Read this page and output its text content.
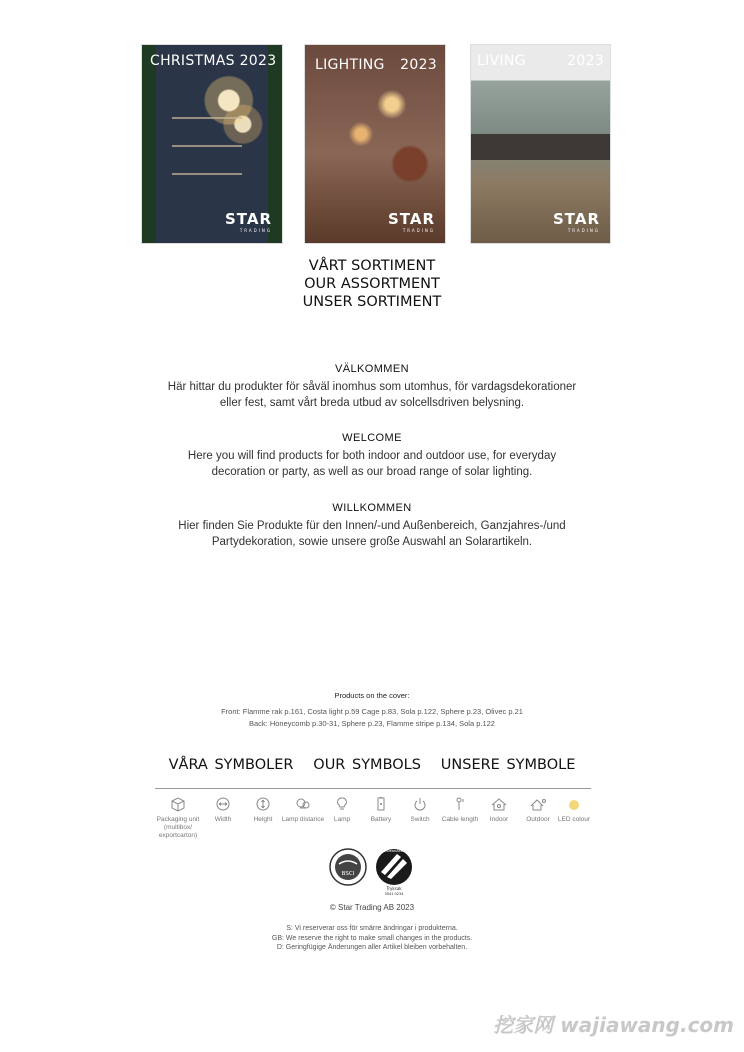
CHRISTMAS 2023
STAR
TRADING
LIGHTING 2023
STAR
TRADING
LIVING	2023
STAR
TRADING
VÅRT SORTIMENT
OUR ASSORTMENT
UNSER SORTIMENT
VÄLKOMMEN

Här hittar du produkter för såväl inomhus som utomhus, för vardagsdekorationer
eller fest, samt vårt breda utbud av solcellsdriven belysning.

WELCOME

Here you will find products for both indoor and outdoor use, for everyday
decoration or party, as well as our broad range of solar lighting.

WILLKOMMEN

Hier finden Sie Produkte für den Innen/-und Außenbereich, Ganzjahres-/und
Partydekoration, sowie unsere große Auswahl an Solarartikeln.

Products on the cover:
Front: Flamme rak p.161, Costa light p.59 Cage p.83, Sola p.122, Sphere p.23, Olivec p.21
Back: Honeycomb p.30-31, Sphere p.23, Flamme stripe p.134, Sola p.122
VÅRA SYMBOLER   OUR SYMBOLS   UNSERE SYMBOLE
Packaging unit (multibox/ exportcarton)
Width	Height	Lamp distance	Lamp	Battery	Switch	Cable length	Indoor	Outdoor	LED colour
BSCI
SVANENMÄRKET
Tryksak
3041 0234
© Star Trading AB 2023
S: Vi reserverar oss för smärre ändringar i produkterna.
GB: We reserve the right to make small changes in the products.
D: Geringfügige Änderungen aller Artikel bleiben vorbehalten.
挖家网 wajiawang.com
